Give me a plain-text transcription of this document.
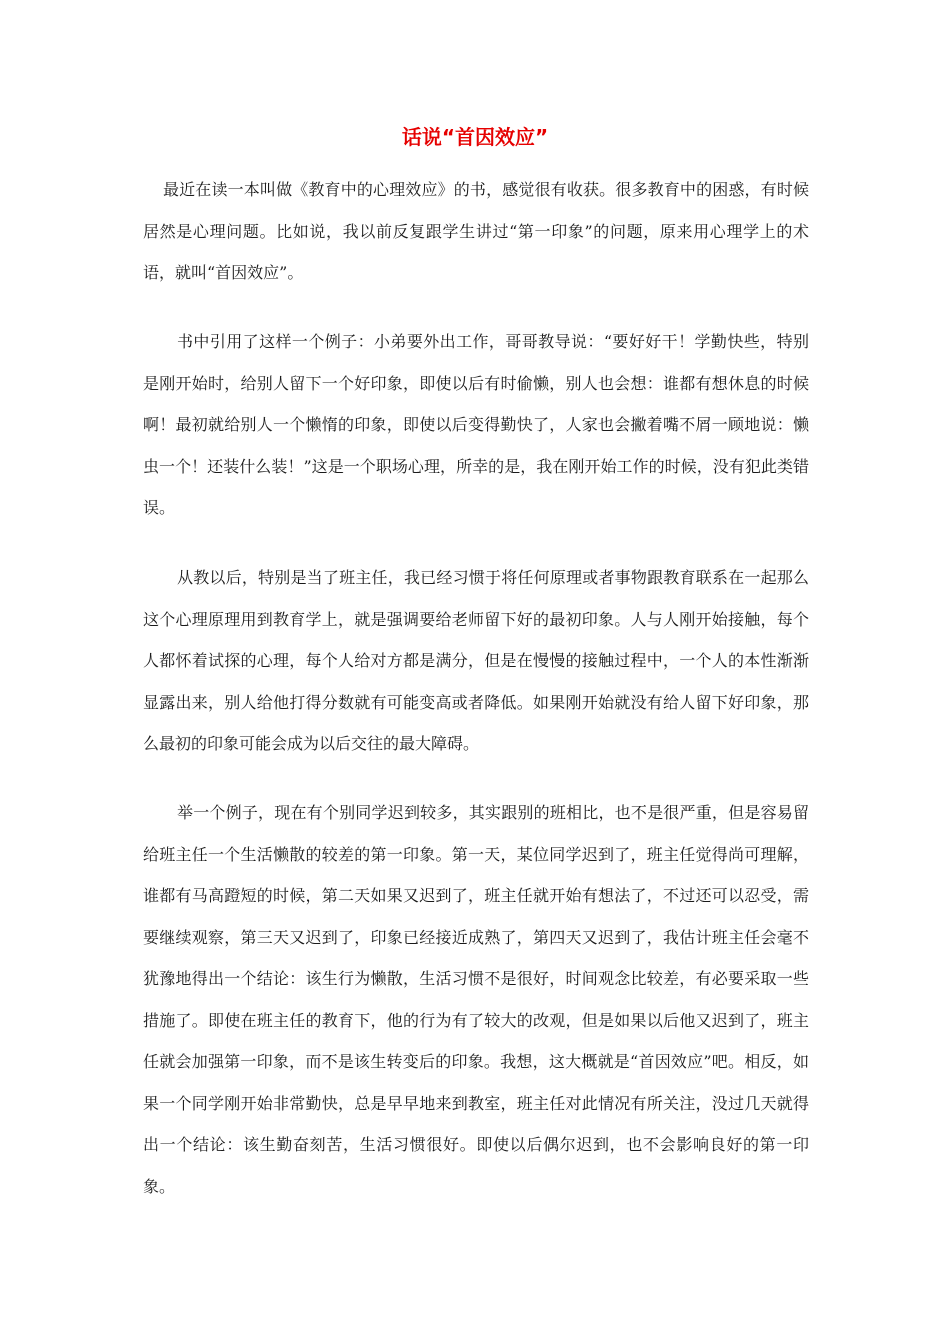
话说“首因效应”

最近在读一本叫做《教育中的心理效应》的书，感觉很有收获。很多教育中的困惑，有时候居然是心理问题。比如说，我以前反复跟学生讲过“第一印象”的问题，原来用心理学上的术语，就叫“首因效应”。

书中引用了这样一个例子：小弟要外出工作，哥哥教导说：“要好好干！学勤快些，特别是刚开始时，给别人留下一个好印象，即使以后有时偷懒，别人也会想：谁都有想休息的时候啊！最初就给别人一个懒惰的印象，即使以后变得勤快了，人家也会撇着嘴不屑一顾地说：懒虫一个！还装什么装！”这是一个职场心理，所幸的是，我在刚开始工作的时候，没有犯此类错误。

从教以后，特别是当了班主任，我已经习惯于将任何原理或者事物跟教育联系在一起那么这个心理原理用到教育学上，就是强调要给老师留下好的最初印象。人与人刚开始接触，每个人都怀着试探的心理，每个人给对方都是满分，但是在慢慢的接触过程中，一个人的本性渐渐显露出来，别人给他打得分数就有可能变高或者降低。如果刚开始就没有给人留下好印象，那么最初的印象可能会成为以后交往的最大障碍。

举一个例子，现在有个别同学迟到较多，其实跟别的班相比，也不是很严重，但是容易留给班主任一个生活懒散的较差的第一印象。第一天，某位同学迟到了，班主任觉得尚可理解，谁都有马高蹬短的时候，第二天如果又迟到了，班主任就开始有想法了，不过还可以忍受，需要继续观察，第三天又迟到了，印象已经接近成熟了，第四天又迟到了，我估计班主任会毫不犹豫地得出一个结论：该生行为懒散，生活习惯不是很好，时间观念比较差，有必要采取一些措施了。即使在班主任的教育下，他的行为有了较大的改观，但是如果以后他又迟到了，班主任就会加强第一印象，而不是该生转变后的印象。我想，这大概就是“首因效应”吧。相反，如果一个同学刚开始非常勤快，总是早早地来到教室，班主任对此情况有所关注，没过几天就得出一个结论：该生勤奋刻苦，生活习惯很好。即使以后偶尔迟到，也不会影响良好的第一印象。
